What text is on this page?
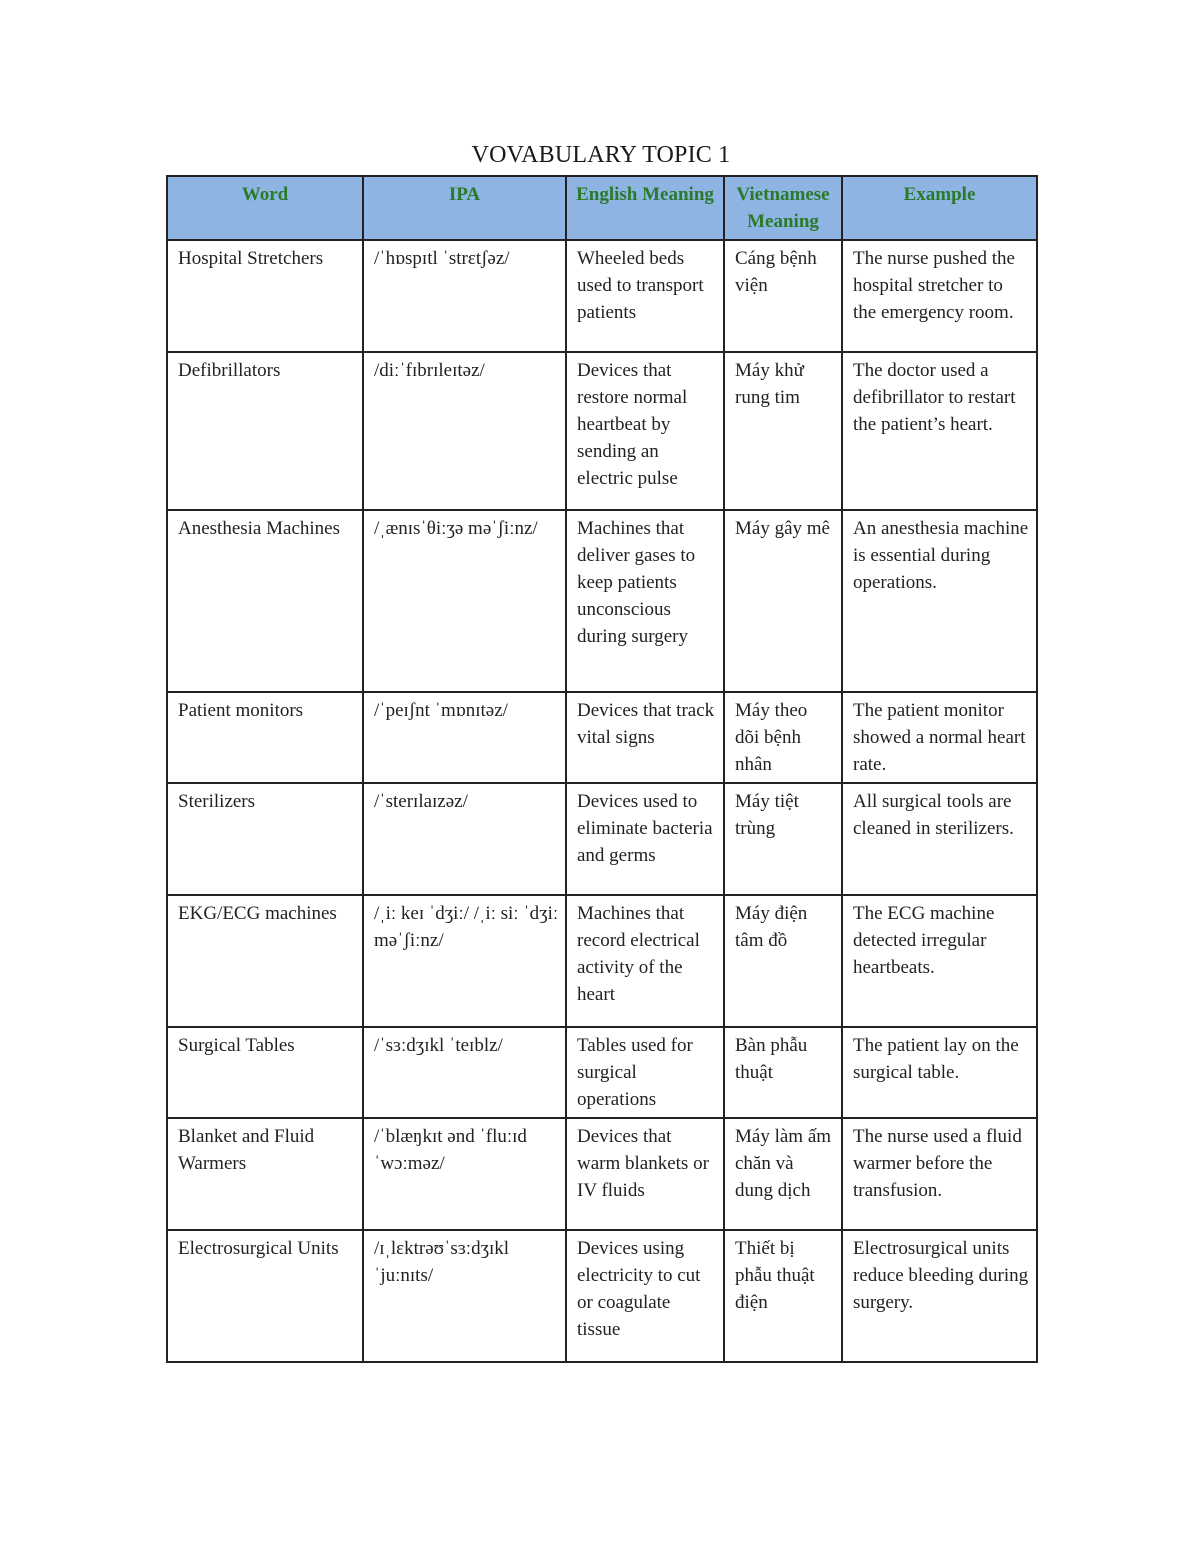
VOVABULARY TOPIC 1
Word	IPA	English Meaning	Vietnamese Meaning	Example
Hospital Stretchers	/ˈhɒspɪtl ˈstrɛtʃəz/	Wheeled beds used to transport patients	Cáng bệnh viện	The nurse pushed the hospital stretcher to the emergency room.
Defibrillators	/diːˈfɪbrɪleɪtəz/	Devices that restore normal heartbeat by sending an electric pulse	Máy khử rung tim	The doctor used a defibrillator to restart the patient’s heart.
Anesthesia Machines	/ˌænɪsˈθiːʒə məˈʃiːnz/	Machines that deliver gases to keep patients unconscious during surgery	Máy gây mê	An anesthesia machine is essential during operations.
Patient monitors	/ˈpeɪʃnt ˈmɒnɪtəz/	Devices that track vital signs	Máy theo dõi bệnh nhân	The patient monitor showed a normal heart rate.
Sterilizers	/ˈsterɪlaɪzəz/	Devices used to eliminate bacteria and germs	Máy tiệt trùng	All surgical tools are cleaned in sterilizers.
EKG/ECG machines	/ˌiː keɪ ˈdʒiː/ /ˌiː siː ˈdʒiː məˈʃiːnz/	Machines that record electrical activity of the heart	Máy điện tâm đồ	The ECG machine detected irregular heartbeats.
Surgical Tables	/ˈsɜːdʒɪkl ˈteɪblz/	Tables used for surgical operations	Bàn phẫu thuật	The patient lay on the surgical table.
Blanket and Fluid Warmers	/ˈblæŋkɪt ənd ˈfluːɪd ˈwɔːməz/	Devices that warm blankets or IV fluids	Máy làm ấm chăn và dung dịch	The nurse used a fluid warmer before the transfusion.
Electrosurgical Units	/ɪˌlɛktrəʊˈsɜːdʒɪkl ˈjuːnɪts/	Devices using electricity to cut or coagulate tissue	Thiết bị phẫu thuật điện	Electrosurgical units reduce bleeding during surgery.
